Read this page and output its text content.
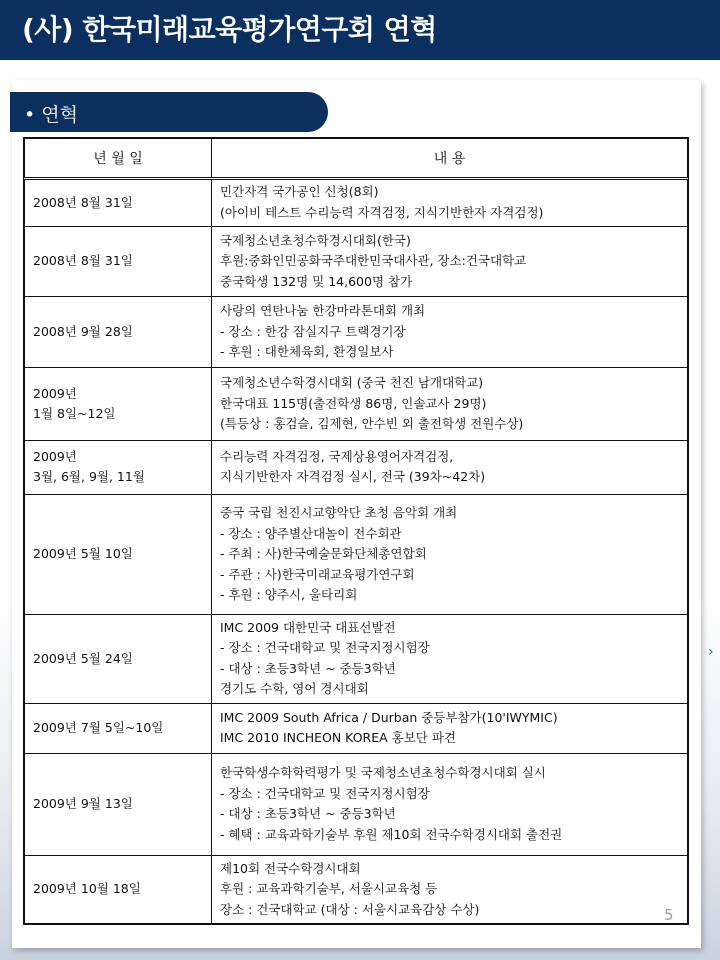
(사) 한국미래교육평가연구회 연혁
• 연혁
›
년 월 일	내 용
2008년 8월 31일	민간자격 국가공인 신청(8회)
(아이비 테스트 수리능력 자격검정, 지식기반한자 자격검정)

2008년 8월 31일	국제청소년초청수학경시대회(한국)
후원:중화인민공화국주대한민국대사관, 장소:건국대학교
중국학생 132명 및 14,600명 참가

2008년 9월 28일	사랑의 연탄나눔 한강마라톤대회 개최
- 장소 : 한강 잠실지구 트랙경기장
- 후원 : 대한체육회, 환경일보사

2009년
1월 8일~12일	국제청소년수학경시대회 (중국 천진 남개대학교)
한국대표 115명(출전학생 86명, 인솔교사 29명)
(특등상 : 홍검슬, 김제현, 안수빈 외 출전학생 전원수상)

2009년
3월, 6월, 9월, 11월	수리능력 자격검정, 국제상용영어자격검정,
지식기반한자 자격검정 실시, 전국 (39차~42차)

2009년 5월 10일	중국 국립 천진시교향악단 초청 음악회 개최
- 장소 : 양주별산대놀이 전수회관
- 주최 : 사)한국예술문화단체총연합회
- 주관 : 사)한국미래교육평가연구회
- 후원 : 양주시, 울타리회

2009년 5월 24일	IMC 2009 대한민국 대표선발전
- 장소 : 건국대학교 및 전국지정시험장
- 대상 : 초등3학년 ~ 중등3학년
경기도 수학, 영어 경시대회

2009년 7월 5일~10일	IMC 2009 South Africa / Durban 중등부참가(10'IWYMIC)
IMC 2010 INCHEON KOREA 홍보단 파견

2009년 9월 13일	한국학생수학학력평가 및 국제청소년초청수학경시대회 실시
- 장소 : 건국대학교 및 전국지정시험장
- 대상 : 초등3학년 ~ 중등3학년
- 혜택 : 교육과학기술부 후원 제10회 전국수학경시대회 출전권

2009년 10월 18일	제10회 전국수학경시대회
후원 : 교육과학기술부, 서울시교육청 등
장소 : 건국대학교 (대상 : 서울시교육감상 수상)	5
